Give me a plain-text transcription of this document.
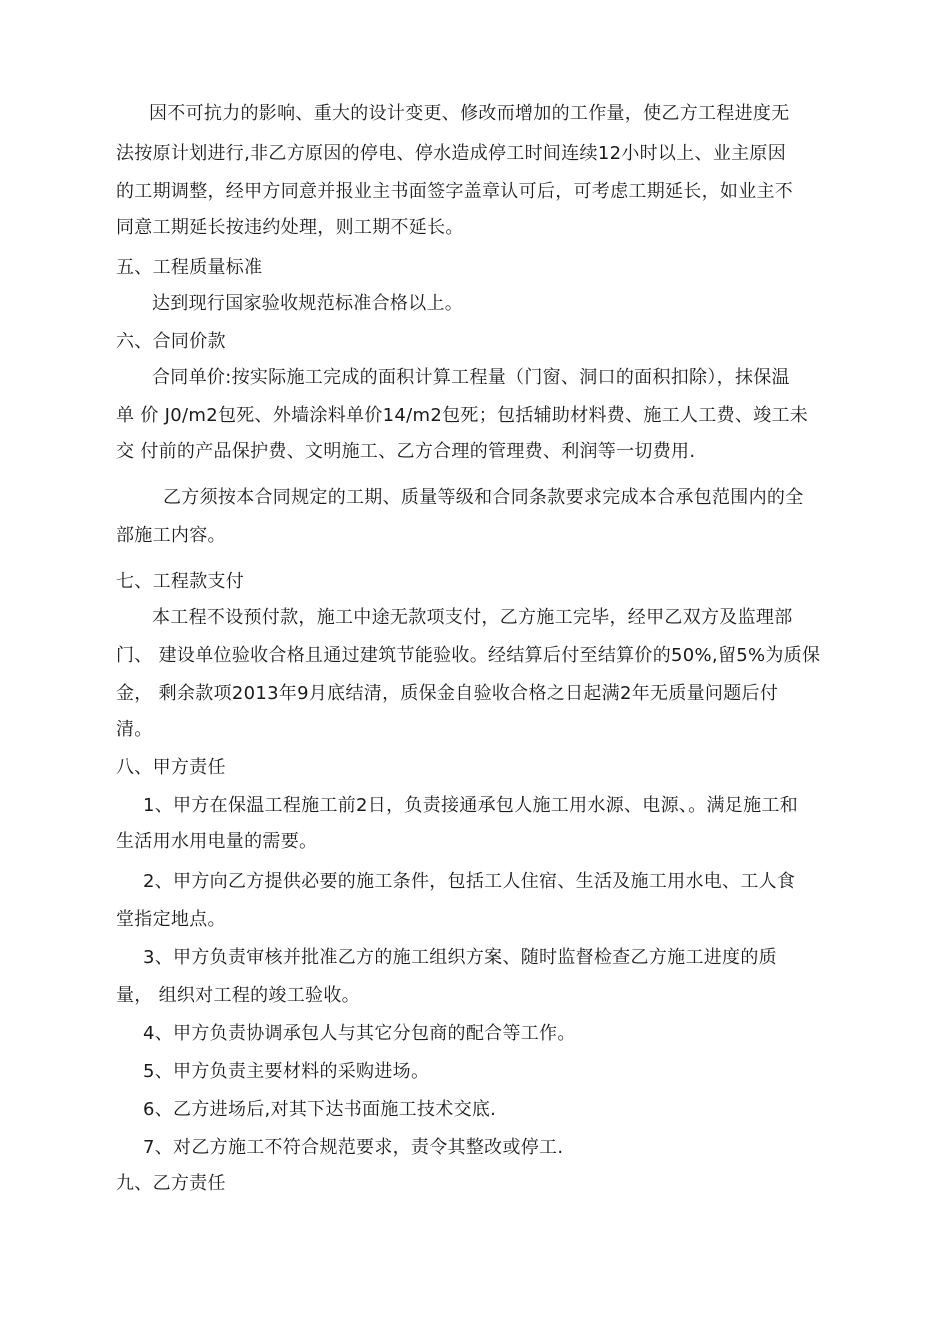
因不可抗力的影响、重大的设计变更、修改而增加的工作量，使乙方工程进度无
法按原计划进行,非乙方原因的停电、停水造成停工时间连续12小时以上、业主原因
的工期调整，经甲方同意并报业主书面签字盖章认可后，可考虑工期延长，如业主不
同意工期延长按违约处理，则工期不延长。
五、工程质量标准
达到现行国家验收规范标准合格以上。
六、合同价款
合同单价:按实际施工完成的面积计算工程量（门窗、洞口的面积扣除），抹保温
单 价 J0/m2包死、外墙涂料单价14/m2包死；包括辅助材料费、施工人工费、竣工未
交 付前的产品保护费、文明施工、乙方合理的管理费、利润等一切费用.
乙方须按本合同规定的工期、质量等级和合同条款要求完成本合承包范围内的全
部施工内容。
七、工程款支付
本工程不设预付款，施工中途无款项支付，乙方施工完毕，经甲乙双方及监理部
门、 建设单位验收合格且通过建筑节能验收。经结算后付至结算价的50%,留5%为质保
金， 剩余款项2013年9月底结清，质保金自验收合格之日起满2年无质量问题后付
清。
八、甲方责任
1、甲方在保温工程施工前2日，负责接通承包人施工用水源、电源、。满足施工和
生活用水用电量的需要。
2、甲方向乙方提供必要的施工条件，包括工人住宿、生活及施工用水电、工人食
堂指定地点。
3、甲方负责审核并批准乙方的施工组织方案、随时监督检查乙方施工进度的质
量， 组织对工程的竣工验收。
4、甲方负责协调承包人与其它分包商的配合等工作。
5、甲方负责主要材料的采购进场。
6、乙方进场后,对其下达书面施工技术交底.
7、对乙方施工不符合规范要求，责令其整改或停工.
九、乙方责任
